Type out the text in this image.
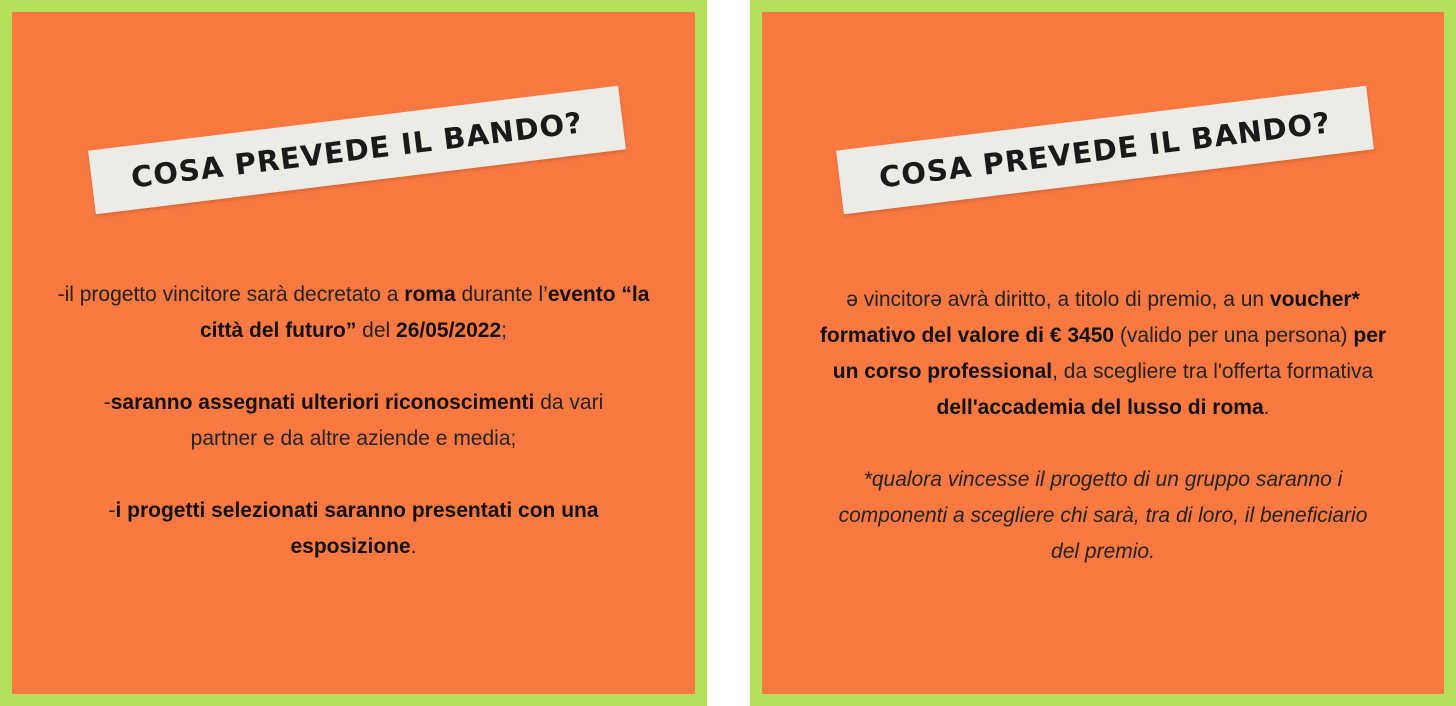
COSA PREVEDE IL BANDO?

-il progetto vincitore sarà decretato a roma durante l’evento “la città del futuro” del 26/05/2022;

-saranno assegnati ulteriori riconoscimenti da vari partner e da altre aziende e media;

-i progetti selezionati saranno presentati con una esposizione.

COSA PREVEDE IL BANDO?

ə vincitorə avrà diritto, a titolo di premio, a un voucher* formativo del valore di € 3450 (valido per una persona) per un corso professional, da scegliere tra l'offerta formativa dell'accademia del lusso di roma.

*qualora vincesse il progetto di un gruppo saranno i componenti a scegliere chi sarà, tra di loro, il beneficiario del premio.
